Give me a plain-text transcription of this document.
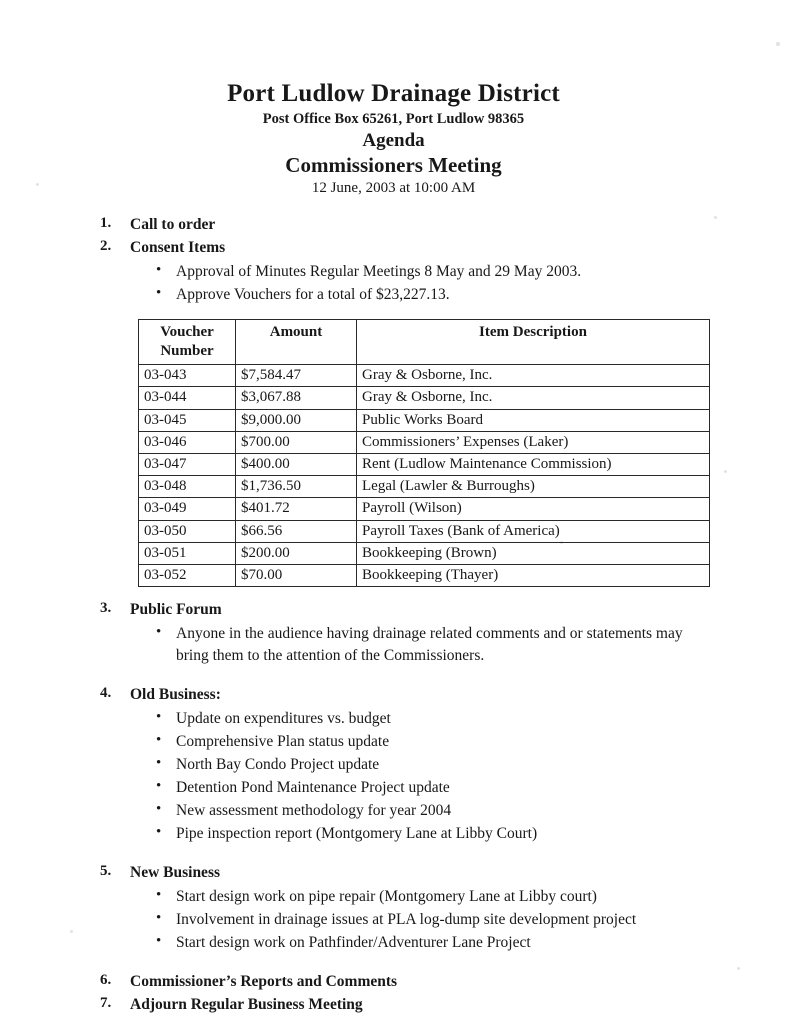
Port Ludlow Drainage District
Post Office Box 65261, Port Ludlow 98365
Agenda
Commissioners Meeting
12 June, 2003 at 10:00 AM
1. Call to order
2. Consent Items
• Approval of Minutes Regular Meetings 8 May and 29 May 2003.
• Approve Vouchers for a total of $23,227.13.
Voucher
Number	Amount	Item Description
03-043	$7,584.47	Gray & Osborne, Inc.
03-044	$3,067.88	Gray & Osborne, Inc.
03-045	$9,000.00	Public Works Board
03-046	$700.00	Commissioners’ Expenses (Laker)
03-047	$400.00	Rent (Ludlow Maintenance Commission)
03-048	$1,736.50	Legal (Lawler & Burroughs)
03-049	$401.72	Payroll (Wilson)
03-050	$66.56	Payroll Taxes (Bank of America)
03-051	$200.00	Bookkeeping (Brown)
03-052	$70.00	Bookkeeping (Thayer)
3. Public Forum
• Anyone in the audience having drainage related comments and or statements may bring them to the attention of the Commissioners.
4. Old Business:
• Update on expenditures vs. budget
• Comprehensive Plan status update
• North Bay Condo Project update
• Detention Pond Maintenance Project update
• New assessment methodology for year 2004
• Pipe inspection report (Montgomery Lane at Libby Court)
5. New Business
• Start design work on pipe repair (Montgomery Lane at Libby court)
• Involvement in drainage issues at PLA log-dump site development project
• Start design work on Pathfinder/Adventurer Lane Project
6. Commissioner’s Reports and Comments
7. Adjourn Regular Business Meeting
